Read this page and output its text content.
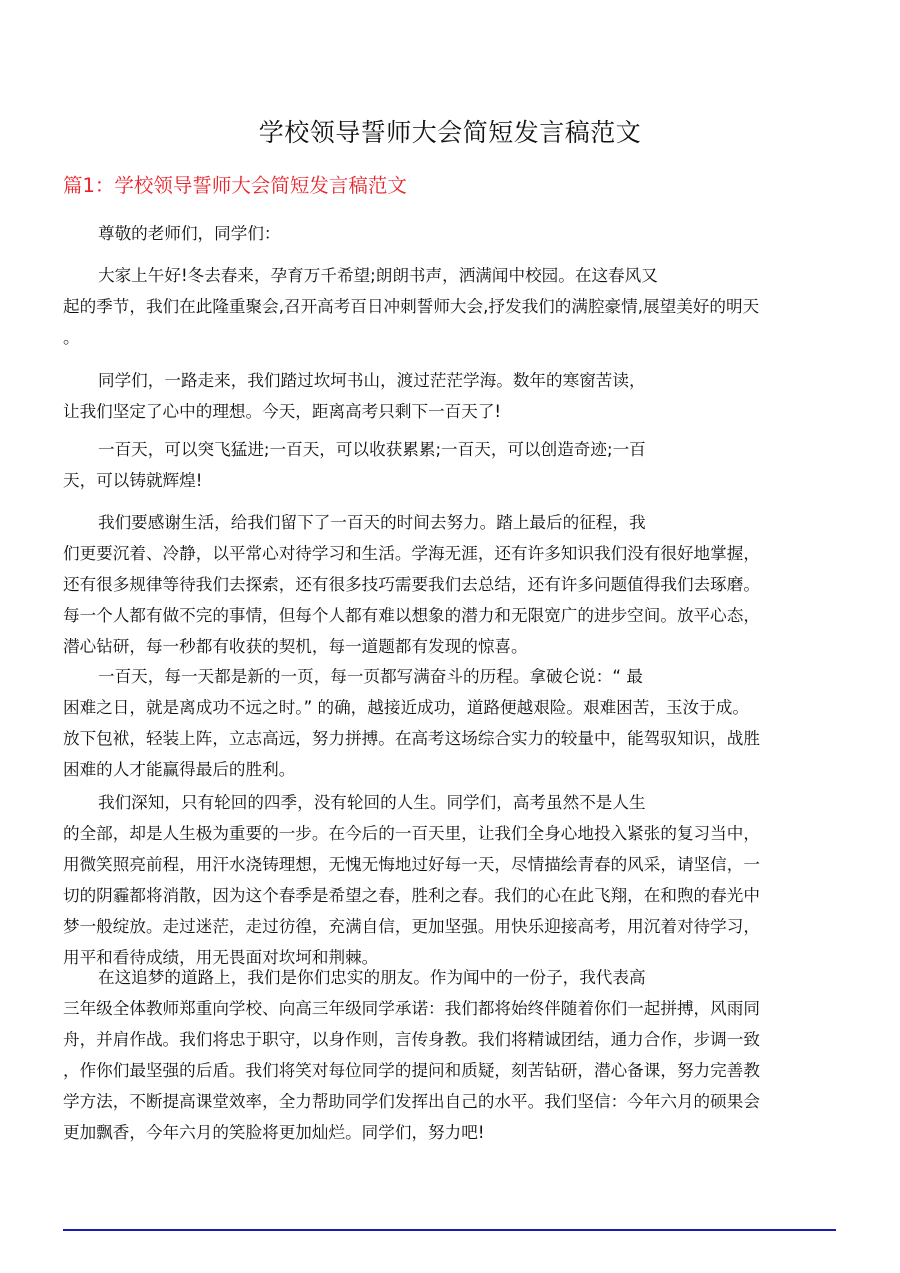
学校领导誓师大会简短发言稿范文
篇1：学校领导誓师大会简短发言稿范文

尊敬的老师们，同学们：

大家上午好!冬去春来，孕育万千希望;朗朗书声，洒满闻中校园。在这春风又
起的季节，我们在此隆重聚会,召开高考百日冲刺誓师大会,抒发我们的满腔豪情,展望美好的明天
。

同学们，一路走来，我们踏过坎坷书山，渡过茫茫学海。数年的寒窗苦读，
让我们坚定了心中的理想。今天，距离高考只剩下一百天了!

一百天，可以突飞猛进;一百天，可以收获累累;一百天，可以创造奇迹;一百
天，可以铸就辉煌!

我们要感谢生活，给我们留下了一百天的时间去努力。踏上最后的征程，我
们更要沉着、冷静，以平常心对待学习和生活。学海无涯，还有许多知识我们没有很好地掌握，
还有很多规律等待我们去探索，还有很多技巧需要我们去总结，还有许多问题值得我们去琢磨。
每一个人都有做不完的事情，但每个人都有难以想象的潜力和无限宽广的进步空间。放平心态，
潜心钻研，每一秒都有收获的契机，每一道题都有发现的惊喜。

一百天，每一天都是新的一页，每一页都写满奋斗的历程。拿破仑说：“ 最
困难之日，就是离成功不远之时。” 的确，越接近成功，道路便越艰险。艰难困苦，玉汝于成。
放下包袱，轻装上阵，立志高远，努力拼搏。在高考这场综合实力的较量中，能驾驭知识，战胜
困难的人才能赢得最后的胜利。

我们深知，只有轮回的四季，没有轮回的人生。同学们，高考虽然不是人生
的全部，却是人生极为重要的一步。在今后的一百天里，让我们全身心地投入紧张的复习当中，
用微笑照亮前程，用汗水浇铸理想，无愧无悔地过好每一天，尽情描绘青春的风采，请坚信，一
切的阴霾都将消散，因为这个春季是希望之春，胜利之春。我们的心在此飞翔，在和煦的春光中
梦一般绽放。走过迷茫，走过彷徨，充满自信，更加坚强。用快乐迎接高考，用沉着对待学习，
用平和看待成绩，用无畏面对坎坷和荆棘。

在这追梦的道路上，我们是你们忠实的朋友。作为闻中的一份子，我代表高
三年级全体教师郑重向学校、向高三年级同学承诺：我们都将始终伴随着你们一起拼搏，风雨同
舟，并肩作战。我们将忠于职守，以身作则，言传身教。我们将精诚团结，通力合作，步调一致
，作你们最坚强的后盾。我们将笑对每位同学的提问和质疑，刻苦钻研，潜心备课，努力完善教
学方法，不断提高课堂效率，全力帮助同学们发挥出自己的水平。我们坚信：今年六月的硕果会
更加飘香，今年六月的笑脸将更加灿烂。同学们，努力吧!
